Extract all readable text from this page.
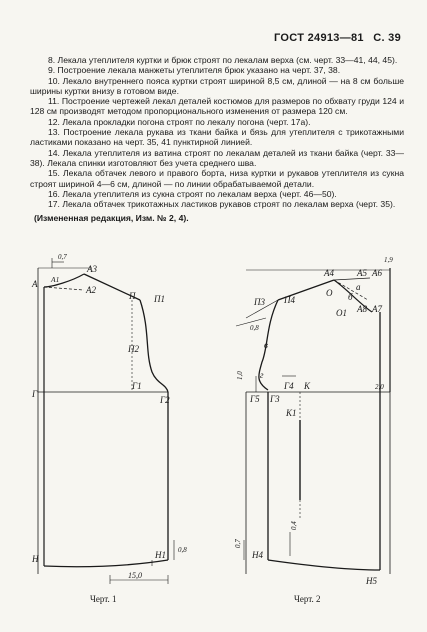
ГОСТ 24913—81 С. 39

8. Лекала утеплителя куртки и брюк строят по лекалам верха (см. черт. 33—41, 44, 45).

9. Построение лекала манжеты утеплителя брюк указано на черт. 37, 38.

10. Лекало внутреннего пояса куртки строят шириной 8,5 см, длиной — на 8 см больше ширины куртки внизу в готовом виде.

11. Построение чертежей лекал деталей костюмов для размеров по обхвату груди 124 и 128 см производят методом пропорционального изменения от размера 120 см.

12. Лекала прокладки погона строят по лекалу погона (черт. 17а).

13. Построение лекала рукава из ткани байка и бязь для утеплителя с трикотажными ластиками показано на черт. 35, 41 пунктирной линией.

14. Лекала утеплителя из ватина строят по лекалам деталей из ткани байка (черт. 33—38). Лекала спинки изготовляют без учета среднего шва.

15. Лекала обтачек левого и правого борта, низа куртки и рукавов утеплителя из сукна строят шириной 4—6 см, длиной — по линии обрабатываемой детали.

16. Лекала утеплителя из сукна строят по лекалам верха (черт. 46—50).

17. Лекала обтачек трикотажных ластиков рукавов строят по лекалам верха (черт. 35).

(Измененная редакция, Изм. № 2, 4).

А А1
А3
А2
П П1
П2
Г
Г1
Г2
Н	Н1
0,7
0,8
15,0
А4	А5 А6
А7
А8
1,9
П3 П4	б
а
О
О1
0,8
в
г
1,0
Г4 К	2,0
Г5 Г3
К1
0,4
0,7
Н4
Н5
Черт. 1	Черт. 2
